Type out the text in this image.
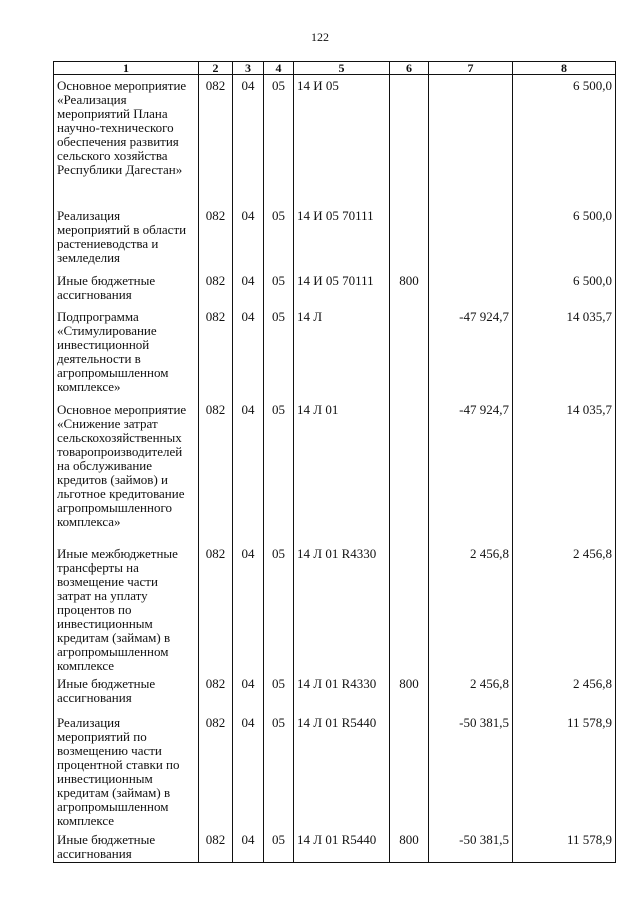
122
1	2	3	4	5	6	7	8
Основное мероприятие «Реализация мероприятий Плана научно-технического обеспечения развития сельского хозяйства Республики Дагестан»	082	04	05	14 И 05			6 500,0
Реализация мероприятий в области растениеводства и земледелия	082	04	05	14 И 05 70111			6 500,0
Иные бюджетные ассигнования	082	04	05	14 И 05 70111	800		6 500,0
Подпрограмма «Стимулирование инвестиционной деятельности в агропромышленном комплексе»	082	04	05	14 Л		-47 924,7	14 035,7
Основное мероприятие «Снижение затрат сельскохозяйственных товаропроизводителей на обслуживание кредитов (займов) и льготное кредитование агропромышленного комплекса»	082	04	05	14 Л 01		-47 924,7	14 035,7
Иные межбюджетные трансферты на возмещение части затрат на уплату процентов по инвестиционным кредитам (займам) в агропромышленном комплексе	082	04	05	14 Л 01 R4330		2 456,8	2 456,8
Иные бюджетные ассигнования	082	04	05	14 Л 01 R4330	800	2 456,8	2 456,8
Реализация мероприятий по возмещению части процентной ставки по инвестиционным кредитам (займам) в агропромышленном комплексе	082	04	05	14 Л 01 R5440		-50 381,5	11 578,9
Иные бюджетные ассигнования	082	04	05	14 Л 01 R5440	800	-50 381,5	11 578,9
